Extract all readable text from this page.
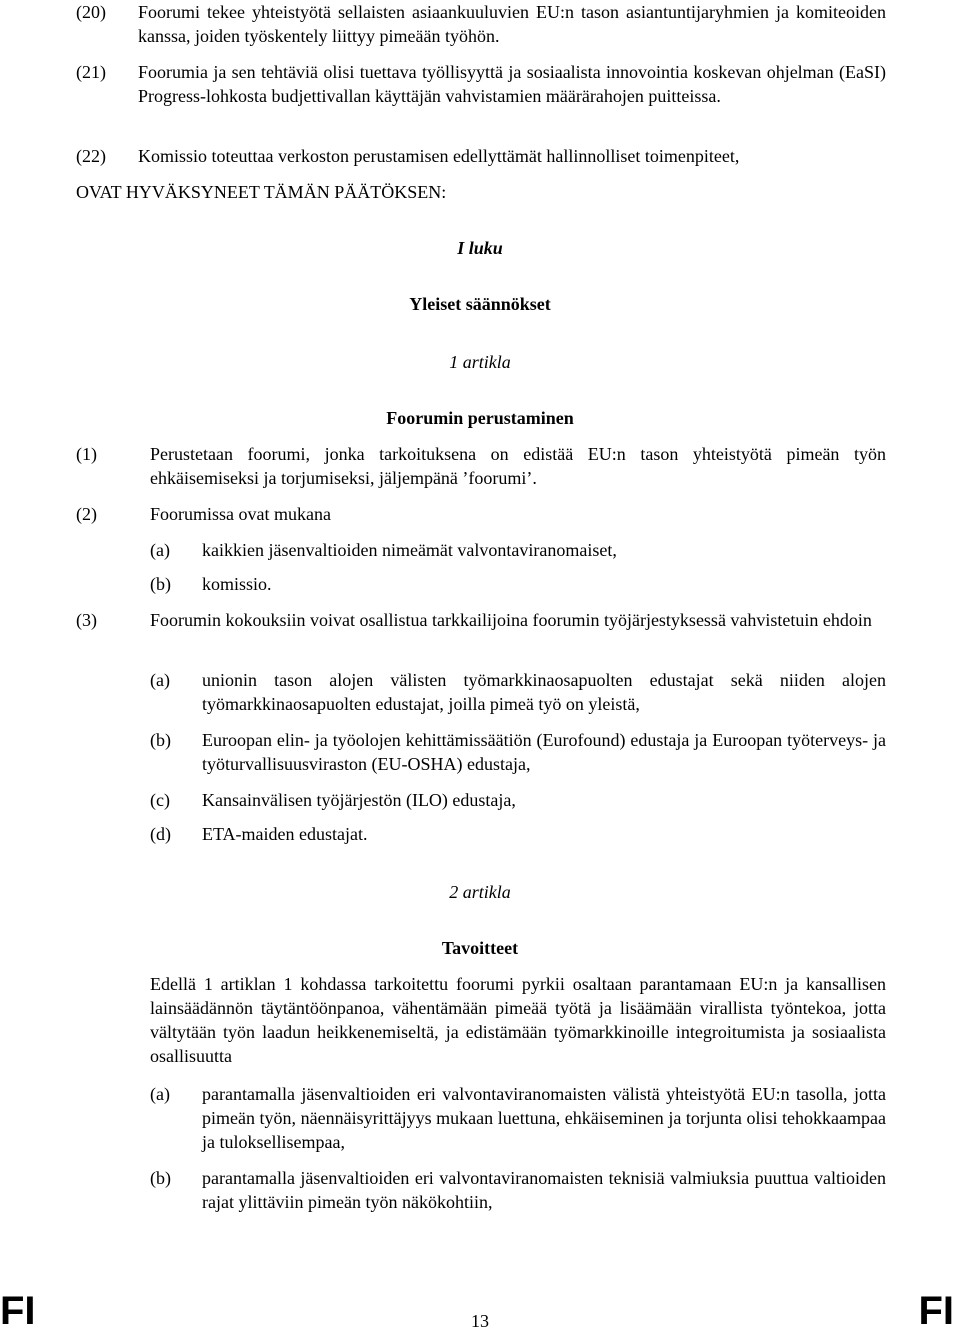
(20) Foorumi tekee yhteistyötä sellaisten asiaankuuluvien EU:n tason asiantuntijaryhmien ja komiteoiden kanssa, joiden työskentely liittyy pimeään työhön.
(21) Foorumia ja sen tehtäviä olisi tuettava työllisyyttä ja sosiaalista innovointia koskevan ohjelman (EaSI) Progress-lohkosta budjettivallan käyttäjän vahvistamien määrärahojen puitteissa.
(22) Komissio toteuttaa verkoston perustamisen edellyttämät hallinnolliset toimenpiteet,
OVAT HYVÄKSYNEET TÄMÄN PÄÄTÖKSEN:
I luku
Yleiset säännökset
1 artikla
Foorumin perustaminen
(1)	Perustetaan foorumi, jonka tarkoituksena on edistää EU:n tason yhteistyötä pimeän työn ehkäisemiseksi ja torjumiseksi, jäljempänä ’foorumi’.
(2)	Foorumissa ovat mukana
(a) kaikkien jäsenvaltioiden nimeämät valvontaviranomaiset,
(b) komissio.
(3)	Foorumin kokouksiin voivat osallistua tarkkailijoina foorumin työjärjestyksessä vahvistetuin ehdoin
(a) unionin tason alojen välisten työmarkkinaosapuolten edustajat sekä niiden alojen työmarkkinaosapuolten edustajat, joilla pimeä työ on yleistä,
(b) Euroopan elin- ja työolojen kehittämissäätiön (Eurofound) edustaja ja Euroopan työterveys- ja työturvallisuusviraston (EU-OSHA) edustaja,
(c) Kansainvälisen työjärjestön (ILO) edustaja,
(d) ETA-maiden edustajat.
2 artikla
Tavoitteet
Edellä 1 artiklan 1 kohdassa tarkoitettu foorumi pyrkii osaltaan parantamaan EU:n ja kansallisen lainsäädännön täytäntöönpanoa, vähentämään pimeää työtä ja lisäämään virallista työntekoa, jotta vältytään työn laadun heikkenemiseltä, ja edistämään työmarkkinoille integroitumista ja sosiaalista osallisuutta
(a) parantamalla jäsenvaltioiden eri valvontaviranomaisten välistä yhteistyötä EU:n tasolla, jotta pimeän työn, näennäisyrittäjyys mukaan luettuna, ehkäiseminen ja torjunta olisi tehokkaampaa ja tuloksellisempaa,
(b) parantamalla jäsenvaltioiden eri valvontaviranomaisten teknisiä valmiuksia puuttua valtioiden rajat ylittäviin pimeän työn näkökohtiin,
FI	13	FI
